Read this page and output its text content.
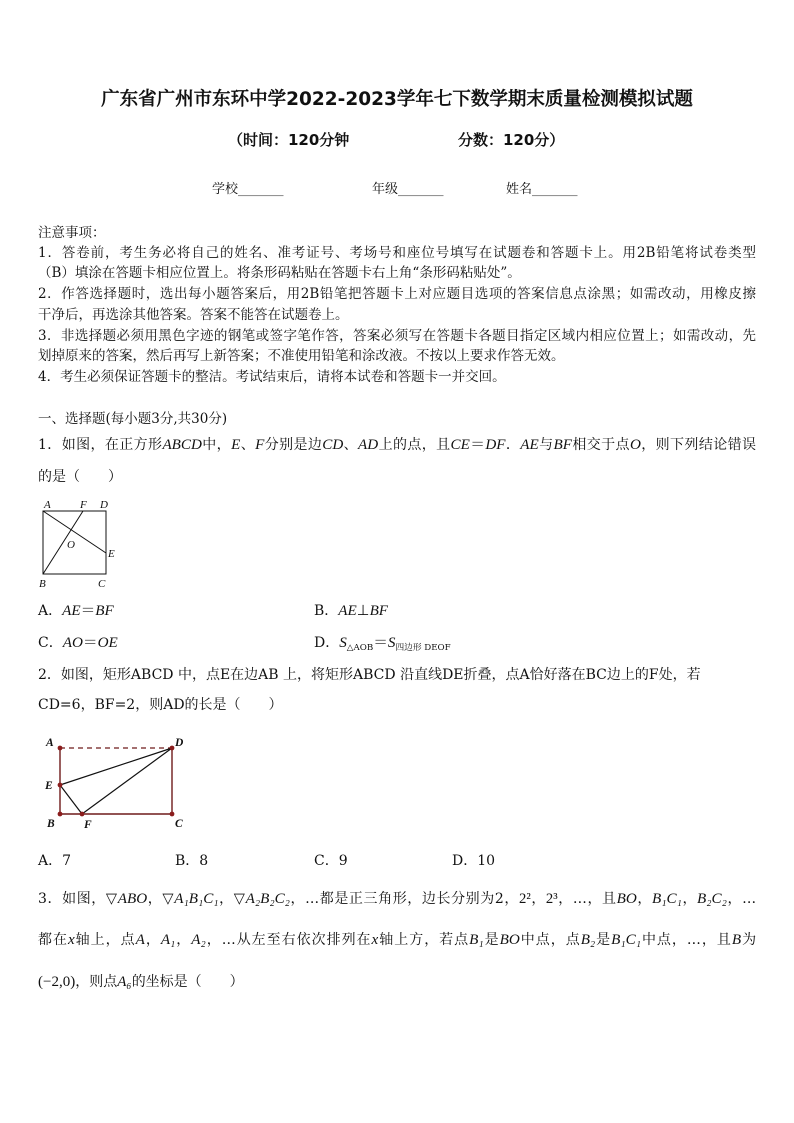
广东省广州市东环中学2022-2023学年七下数学期末质量检测模拟试题
（时间：120分钟	分数：120分）
学校_______	年级_______	姓名_______
注意事项：
1．答卷前，考生务必将自己的姓名、准考证号、考场号和座位号填写在试题卷和答题卡上。用2B铅笔将试卷类型
（B）填涂在答题卡相应位置上。将条形码粘贴在答题卡右上角“条形码粘贴处”。
2．作答选择题时，选出每小题答案后，用2B铅笔把答题卡上对应题目选项的答案信息点涂黑；如需改动，用橡皮擦
干净后，再选涂其他答案。答案不能答在试题卷上。
3．非选择题必须用黑色字迹的钢笔或签字笔作答，答案必须写在答题卡各题目指定区域内相应位置上；如需改动，先
划掉原来的答案，然后再写上新答案；不准使用铅笔和涂改液。不按以上要求作答无效。
4．考生必须保证答题卡的整洁。考试结束后，请将本试卷和答题卡一并交回。
一、选择题(每小题3分,共30分)
1．如图，在正方形ABCD中，E、F分别是边CD、AD上的点，且CE＝DF．AE与BF相交于点O，则下列结论错误
的是（　　）
A	F D
O
E
B	C
A．AE＝BF	B．AE⊥BF
C．AO＝OE	D．$S_{\triangle AOB}=S_{四边形 DEOF}$
2．如图，矩形ABCD 中，点E在边AB 上，将矩形ABCD 沿直线DE折叠，点A恰好落在BC边上的F处，若
CD=6，BF=2，则AD的长是（　　）
A	D
E
B	F	C
A．7	B．8	C．9	D．10
3．如图，▽ABO，▽A₁B₁C₁，▽A₂B₂C₂，…都是正三角形，边长分别为2，2²，2³，…，且BO，B₁C₁，B₂C₂，…
都在x轴上，点A，A₁，A₂，…从左至右依次排列在x轴上方，若点B₁是BO中点，点B₂是B₁C₁中点，…，且B为
(−2,0)，则点A₆的坐标是（　　）
